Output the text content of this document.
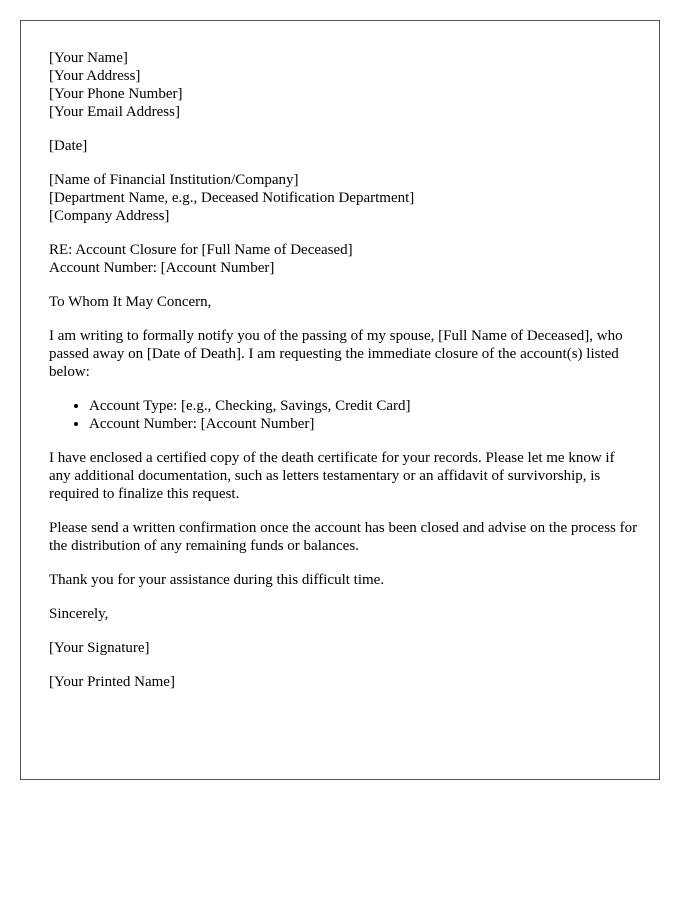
[Your Name]
[Your Address]
[Your Phone Number]
[Your Email Address]
[Date]
[Name of Financial Institution/Company]
[Department Name, e.g., Deceased Notification Department]
[Company Address]
RE: Account Closure for [Full Name of Deceased]
Account Number: [Account Number]

To Whom It May Concern,

I am writing to formally notify you of the passing of my spouse, [Full Name of Deceased], who passed away on [Date of Death]. I am requesting the immediate closure of the account(s) listed below:

• Account Type: [e.g., Checking, Savings, Credit Card]
• Account Number: [Account Number]

I have enclosed a certified copy of the death certificate for your records. Please let me know if any additional documentation, such as letters testamentary or an affidavit of survivorship, is required to finalize this request.

Please send a written confirmation once the account has been closed and advise on the process for the distribution of any remaining funds or balances.

Thank you for your assistance during this difficult time.

Sincerely,

[Your Signature]

[Your Printed Name]
